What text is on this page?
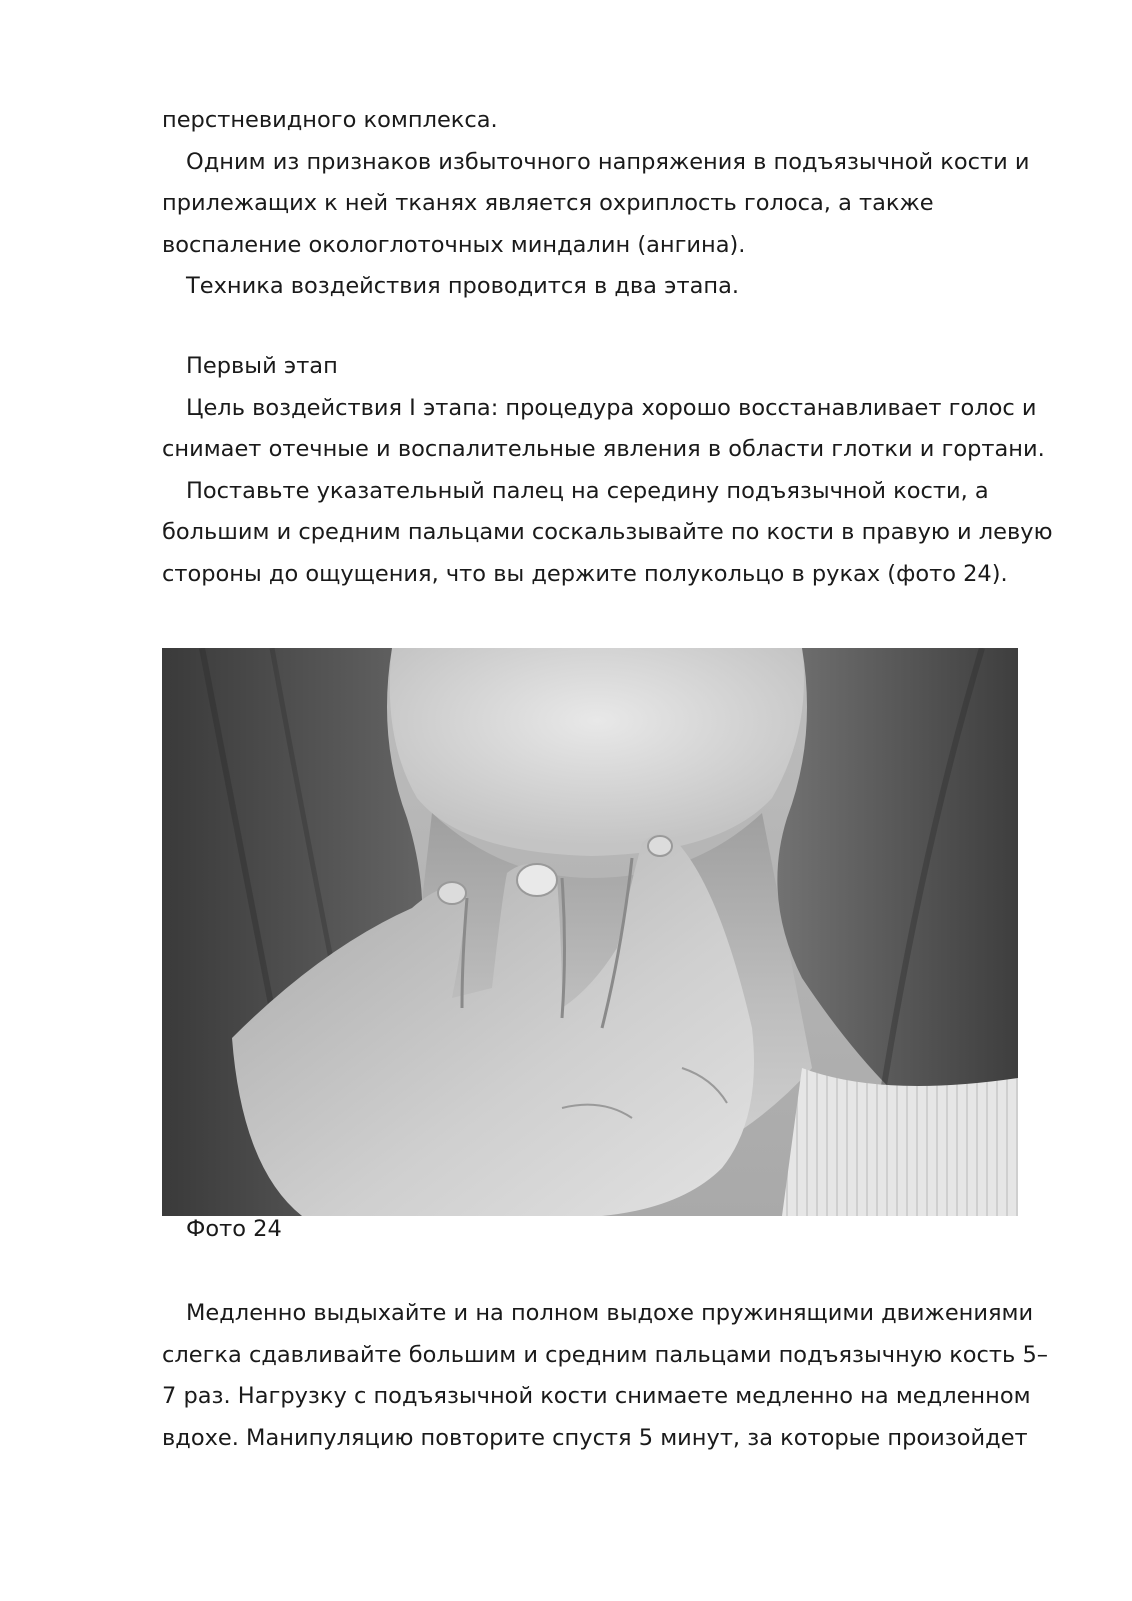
перстневидного комплекса.
Одним из признаков избыточного напряжения в подъязычной кости и
прилежащих к ней тканях является охриплость голоса, а также
воспаление окологлоточных миндалин (ангина).
Техника воздействия проводится в два этапа.
Первый этап
Цель воздействия I этапа: процедура хорошо восстанавливает голос и
снимает отечные и воспалительные явления в области глотки и гортани.
Поставьте указательный палец на середину подъязычной кости, а
большим и средним пальцами соскальзывайте по кости в правую и левую
стороны до ощущения, что вы держите полукольцо в руках (фото 24).
Фото 24
Медленно выдыхайте и на полном выдохе пружинящими движениями
слегка сдавливайте большим и средним пальцами подъязычную кость 5–
7 раз. Нагрузку с подъязычной кости снимаете медленно на медленном
вдохе. Манипуляцию повторите спустя 5 минут, за которые произойдет
